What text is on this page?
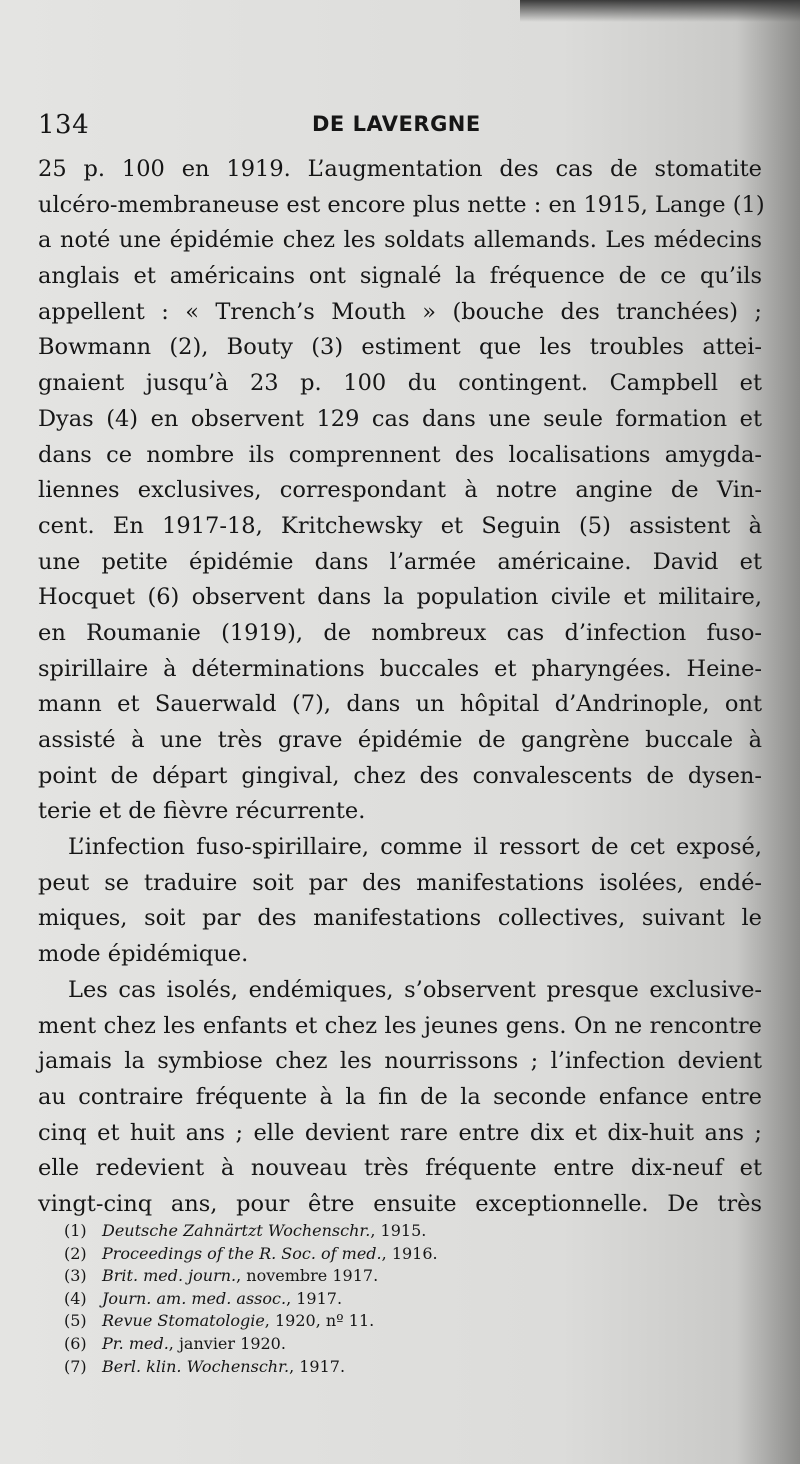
134	DE LAVERGNE
25 p. 100 en 1919. L’augmentation des cas de stomatite
ulcéro-membraneuse est encore plus nette : en 1915, Lange (1)
a noté une épidémie chez les soldats allemands. Les médecins
anglais et américains ont signalé la fréquence de ce qu’ils
appellent : « Trench’s Mouth » (bouche des tranchées) ;
Bowmann (2), Bouty (3) estiment que les troubles attei-
gnaient jusqu’à 23 p. 100 du contingent. Campbell et
Dyas (4) en observent 129 cas dans une seule formation et
dans ce nombre ils comprennent des localisations amygda-
liennes exclusives, correspondant à notre angine de Vin-
cent. En 1917-18, Kritchewsky et Seguin (5) assistent à
une petite épidémie dans l’armée américaine. David et
Hocquet (6) observent dans la population civile et militaire,
en Roumanie (1919), de nombreux cas d’infection fuso-
spirillaire à déterminations buccales et pharyngées. Heine-
mann et Sauerwald (7), dans un hôpital d’Andrinople, ont
assisté à une très grave épidémie de gangrène buccale à
point de départ gingival, chez des convalescents de dysen-
terie et de fièvre récurrente.
L’infection fuso-spirillaire, comme il ressort de cet exposé,
peut se traduire soit par des manifestations isolées, endé-
miques, soit par des manifestations collectives, suivant le
mode épidémique.
Les cas isolés, endémiques, s’observent presque exclusive-
ment chez les enfants et chez les jeunes gens. On ne rencontre
jamais la symbiose chez les nourrissons ; l’infection devient
au contraire fréquente à la fin de la seconde enfance entre
cinq et huit ans ; elle devient rare entre dix et dix-huit ans ;
elle redevient à nouveau très fréquente entre dix-neuf et
vingt-cinq ans, pour être ensuite exceptionnelle. De très
(1) Deutsche Zahnärtzt Wochenschr., 1915.
(2) Proceedings of the R. Soc. of med., 1916.
(3) Brit. med. journ., novembre 1917.
(4) Journ. am. med. assoc., 1917.
(5) Revue Stomatologie, 1920, nº 11.
(6) Pr. med., janvier 1920.
(7) Berl. klin. Wochenschr., 1917.
